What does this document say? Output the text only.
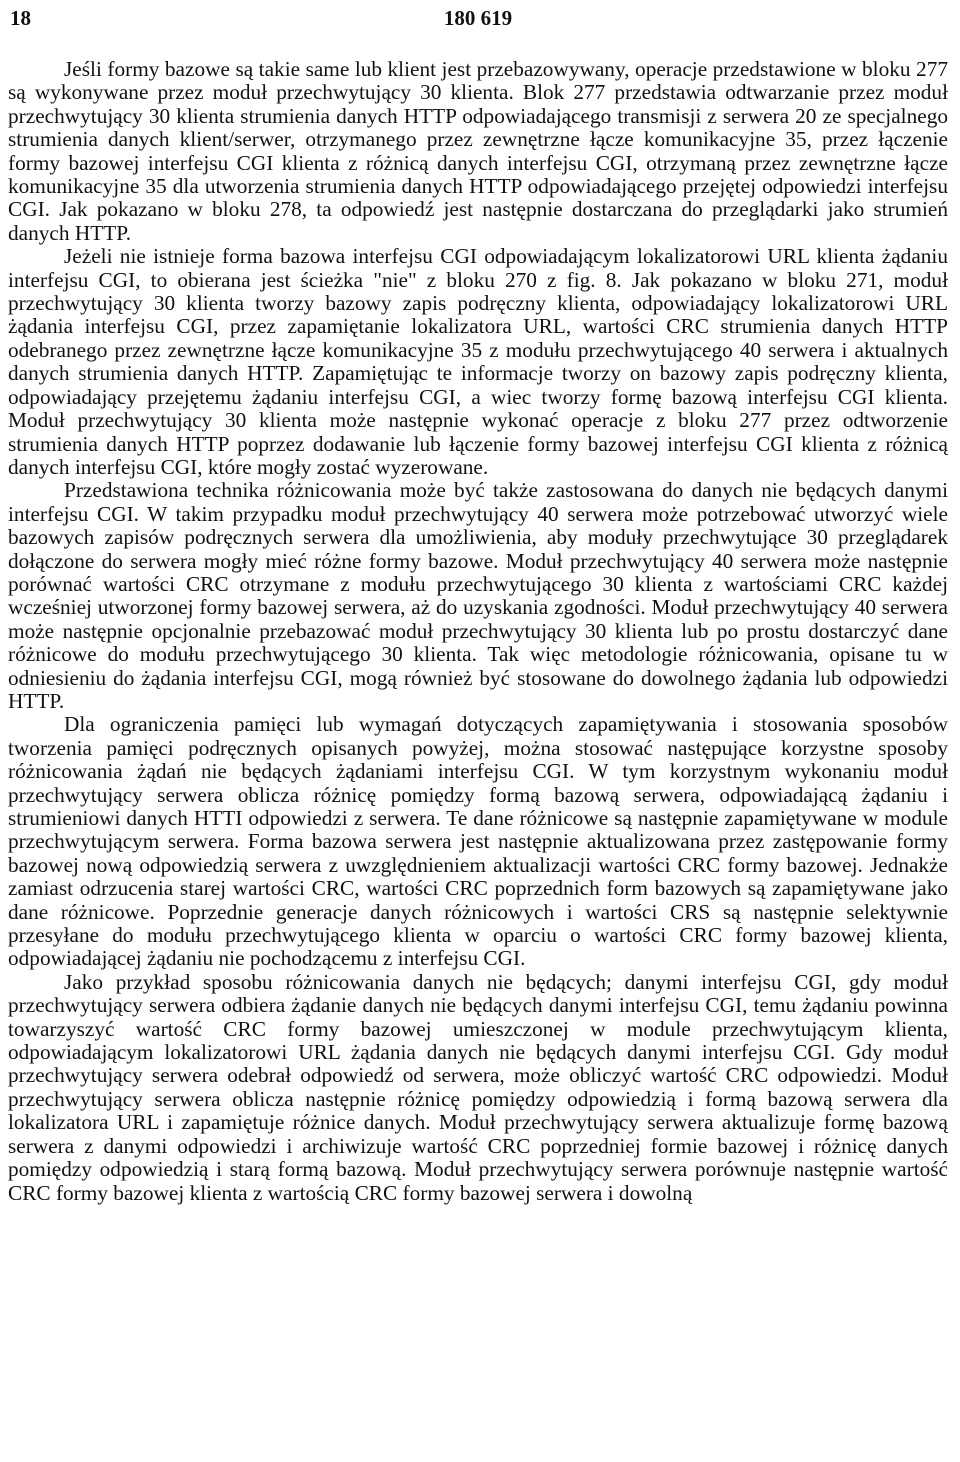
18	180 619

Jeśli formy bazowe są takie same lub klient jest przebazowywany, operacje przedstawione w bloku 277 są wykonywane przez moduł przechwytujący 30 klienta. Blok 277 przedstawia odtwarzanie przez moduł przechwytujący 30 klienta strumienia danych HTTP odpowiadającego transmisji z serwera 20 ze specjalnego strumienia danych klient/serwer, otrzymanego przez zewnętrzne łącze komunikacyjne 35, przez łączenie formy bazowej interfejsu CGI klienta z różnicą danych interfejsu CGI, otrzymaną przez zewnętrzne łącze komunikacyjne 35 dla utworzenia strumienia danych HTTP odpowiadającego przejętej odpowiedzi interfejsu CGI. Jak pokazano w bloku 278, ta odpowiedź jest następnie dostarczana do przeglądarki jako strumień danych HTTP.

Jeżeli nie istnieje forma bazowa interfejsu CGI odpowiadającym lokalizatorowi URL klienta żądaniu interfejsu CGI, to obierana jest ścieżka "nie" z bloku 270 z fig. 8. Jak pokazano w bloku 271, moduł przechwytujący 30 klienta tworzy bazowy zapis podręczny klienta, odpowiadający lokalizatorowi URL żądania interfejsu CGI, przez zapamiętanie lokalizatora URL, wartości CRC strumienia danych HTTP odebranego przez zewnętrzne łącze komunikacyjne 35 z modułu przechwytującego 40 serwera i aktualnych danych strumienia danych HTTP. Zapamiętując te informacje tworzy on bazowy zapis podręczny klienta, odpowiadający przejętemu żądaniu interfejsu CGI, a wiec tworzy formę bazową interfejsu CGI klienta. Moduł przechwytujący 30 klienta może następnie wykonać operacje z bloku 277 przez odtworzenie strumienia danych HTTP poprzez dodawanie lub łączenie formy bazowej interfejsu CGI klienta z różnicą danych interfejsu CGI, które mogły zostać wyzerowane.

Przedstawiona technika różnicowania może być także zastosowana do danych nie będących danymi interfejsu CGI. W takim przypadku moduł przechwytujący 40 serwera może potrzebować utworzyć wiele bazowych zapisów podręcznych serwera dla umożliwienia, aby moduły przechwytujące 30 przeglądarek dołączone do serwera mogły mieć różne formy bazowe. Moduł przechwytujący 40 serwera może następnie porównać wartości CRC otrzymane z modułu przechwytującego 30 klienta z wartościami CRC każdej wcześniej utworzonej formy bazowej serwera, aż do uzyskania zgodności. Moduł przechwytujący 40 serwera może następnie opcjonalnie przebazować moduł przechwytujący 30 klienta lub po prostu dostarczyć dane różnicowe do modułu przechwytującego 30 klienta. Tak więc metodologie różnicowania, opisane tu w odniesieniu do żądania interfejsu CGI, mogą również być stosowane do dowolnego żądania lub odpowiedzi HTTP.

Dla ograniczenia pamięci lub wymagań dotyczących zapamiętywania i stosowania sposobów tworzenia pamięci podręcznych opisanych powyżej, można stosować następujące korzystne sposoby różnicowania żądań nie będących żądaniami interfejsu CGI. W tym korzystnym wykonaniu moduł przechwytujący serwera oblicza różnicę pomiędzy formą bazową serwera, odpowiadającą żądaniu i strumieniowi danych HTTI odpowiedzi z serwera. Te dane różnicowe są następnie zapamiętywane w module przechwytującym serwera. Forma bazowa serwera jest następnie aktualizowana przez zastępowanie formy bazowej nową odpowiedzią serwera z uwzględnieniem aktualizacji wartości CRC formy bazowej. Jednakże zamiast odrzucenia starej wartości CRC, wartości CRC poprzednich form bazowych są zapamiętywane jako dane różnicowe. Poprzednie generacje danych różnicowych i wartości CRS są następnie selektywnie przesyłane do modułu przechwytującego klienta w oparciu o wartości CRC formy bazowej klienta, odpowiadającej żądaniu nie pochodzącemu z interfejsu CGI.

Jako przykład sposobu różnicowania danych nie będących; danymi interfejsu CGI, gdy moduł przechwytujący serwera odbiera żądanie danych nie będących danymi interfejsu CGI, temu żądaniu powinna towarzyszyć wartość CRC formy bazowej umieszczonej w module przechwytującym klienta, odpowiadającym lokalizatorowi URL żądania danych nie będących danymi interfejsu CGI. Gdy moduł przechwytujący serwera odebrał odpowiedź od serwera, może obliczyć wartość CRC odpowiedzi. Moduł przechwytujący serwera oblicza następnie różnicę pomiędzy odpowiedzią i formą bazową serwera dla lokalizatora URL i zapamiętuje różnice danych. Moduł przechwytujący serwera aktualizuje formę bazową serwera z danymi odpowiedzi i archiwizuje wartość CRC poprzedniej formie bazowej i różnicę danych pomiędzy odpowiedzią i starą formą bazową. Moduł przechwytujący serwera porównuje następnie wartość CRC formy bazowej klienta z wartością CRC formy bazowej serwera i dowolną
